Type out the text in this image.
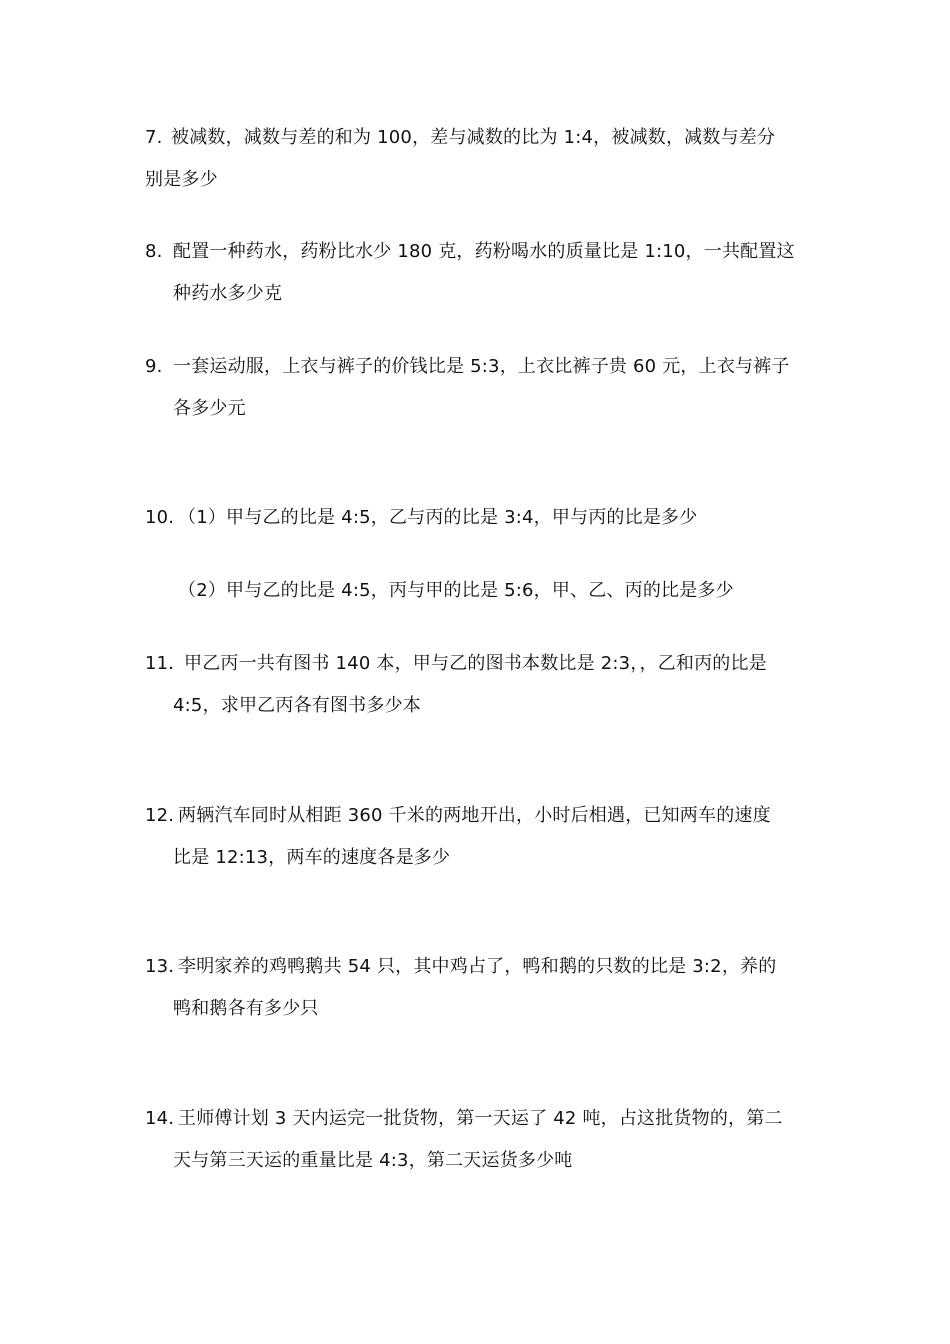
7. 被减数，减数与差的和为 100，差与减数的比为 1:4，被减数，减数与差分
别是多少
8. 配置一种药水，药粉比水少 180 克，药粉喝水的质量比是 1:10，一共配置这
种药水多少克
9. 一套运动服，上衣与裤子的价钱比是 5:3，上衣比裤子贵 60 元，上衣与裤子
各多少元
10. （1）甲与乙的比是 4:5，乙与丙的比是 3:4，甲与丙的比是多少
（2）甲与乙的比是 4:5，丙与甲的比是 5:6，甲、乙、丙的比是多少
11．
甲乙丙一共有图书 140 本，甲与乙的图书本数比是 2:3，，乙和丙的比是
4:5，求甲乙丙各有图书多少本
12. 两辆汽车同时从相距 360 千米的两地开出，小时后相遇，已知两车的速度
比是 12:13，两车的速度各是多少
13. 李明家养的鸡鸭鹅共 54 只，其中鸡占了，鸭和鹅的只数的比是 3:2，养的
鸭和鹅各有多少只
14. 王师傅计划 3 天内运完一批货物，第一天运了 42 吨，占这批货物的，第二
天与第三天运的重量比是 4:3，第二天运货多少吨
